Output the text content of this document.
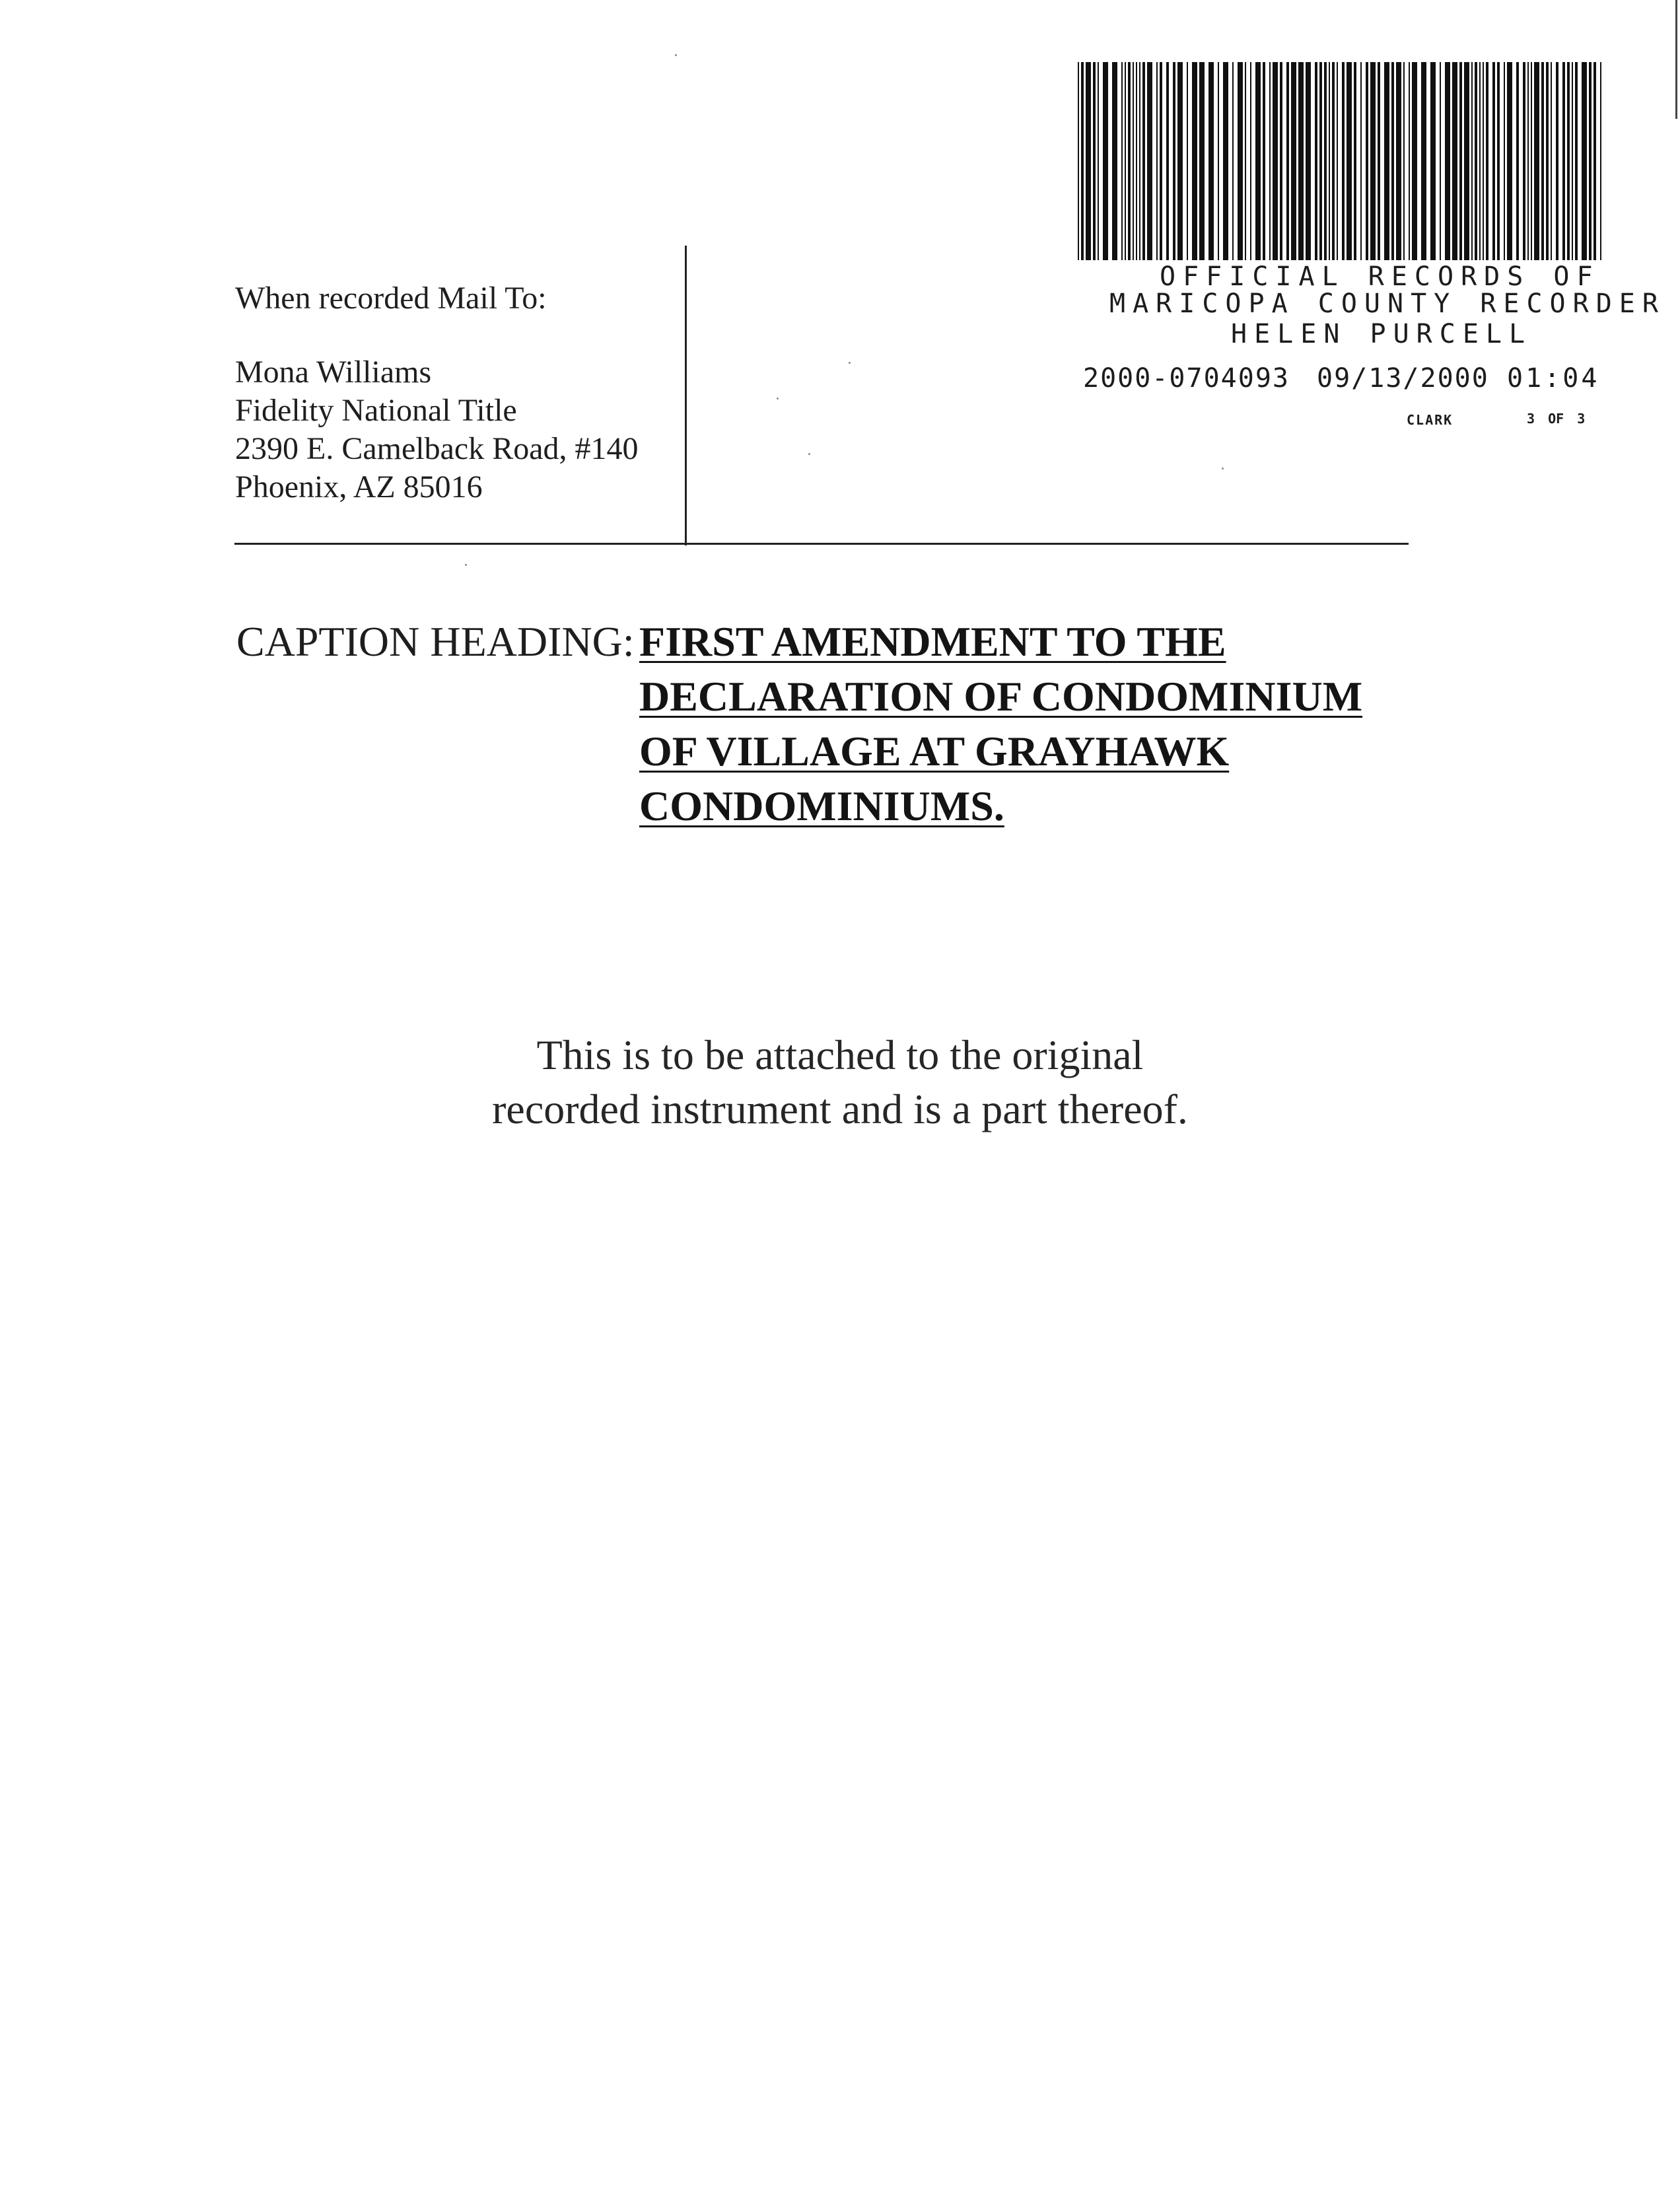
OFFICIAL RECORDS OF
MARICOPA COUNTY RECORDER
HELEN PURCELL
2000-0704093 09/13/2000 01:04
CLARK	3 OF 3
When recorded Mail To:
Mona Williams
Fidelity National Title
2390 E. Camelback Road, #140
Phoenix, AZ 85016
CAPTION HEADING: FIRST AMENDMENT TO THE
DECLARATION OF CONDOMINIUM
OF VILLAGE AT GRAYHAWK
CONDOMINIUMS.
This is to be attached to the original
recorded instrument and is a part thereof.
